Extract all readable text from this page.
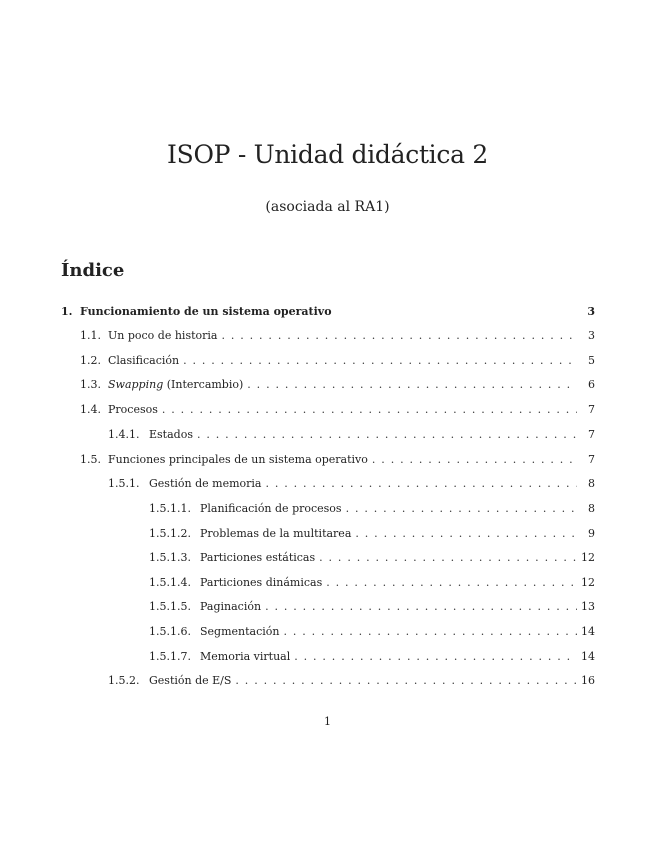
ISOP - Unidad didáctica 2
(asociada al RA1)
Índice
1. Funcionamiento de un sistema operativo	3
1.1. Un poco de historia . . .	3
1.2. Clasificación . . .	5
1.3. Swapping (Intercambio) . . .	6
1.4. Procesos . . .	7
1.4.1. Estados . . .	7
1.5. Funciones principales de un sistema operativo . . .	7
1.5.1. Gestión de memoria . . .	8
1.5.1.1. Planificación de procesos . . .	8
1.5.1.2. Problemas de la multitarea . . .	9
1.5.1.3. Particiones estáticas . . .	12
1.5.1.4. Particiones dinámicas . . .	12
1.5.1.5. Paginación . . .	13
1.5.1.6. Segmentación . . .	14
1.5.1.7. Memoria virtual . . .	14
1.5.2. Gestión de E/S . . .	16
1
